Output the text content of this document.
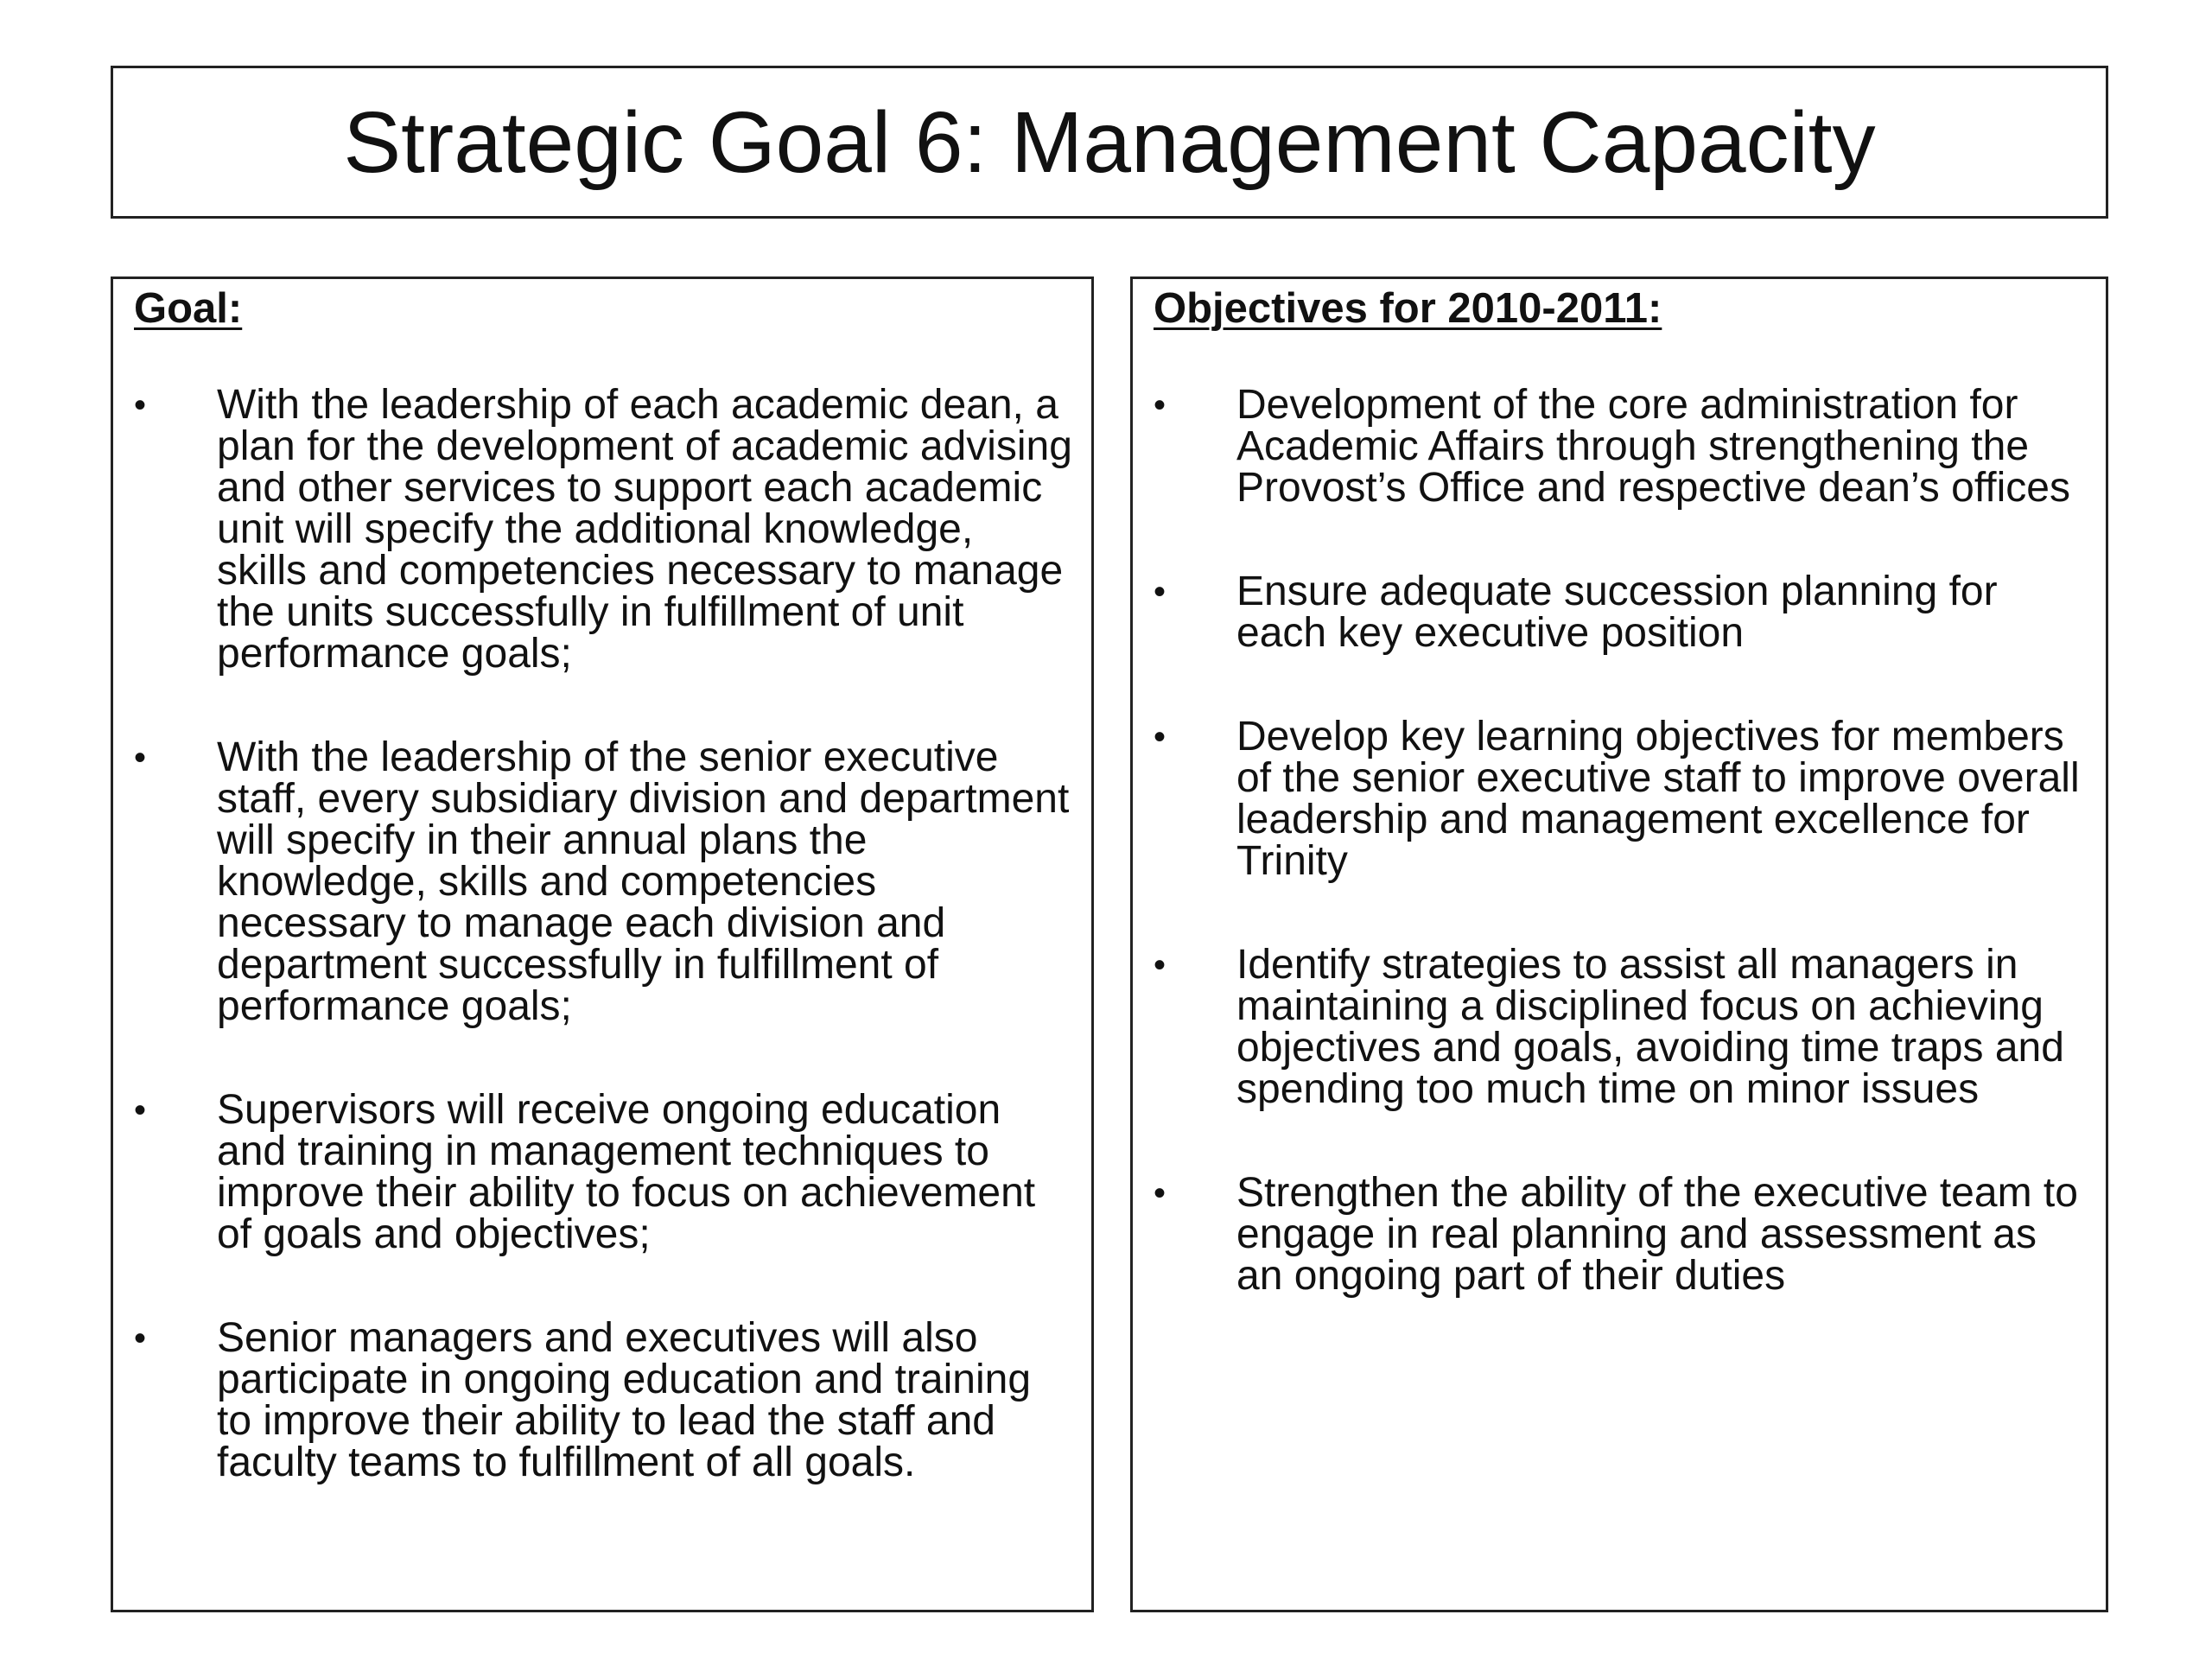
Strategic Goal 6: Management Capacity
Goal:
• With the leadership of each academic dean, a plan for the development of academic advising and other services to support each academic unit will specify the additional knowledge, skills and competencies necessary to manage the units successfully in fulfillment of unit performance goals;
• With the leadership of the senior executive staff, every subsidiary division and department will specify in their annual plans the knowledge, skills and competencies necessary to manage each division and department successfully in fulfillment of performance goals;
• Supervisors will receive ongoing education and training in management techniques to improve their ability to focus on achievement of goals and objectives;
• Senior managers and executives will also participate in ongoing education and training to improve their ability to lead the staff and faculty teams to fulfillment of all goals.
Objectives for 2010-2011:
• Development of the core administration for Academic Affairs through strengthening the Provost’s Office and respective dean’s offices
• Ensure adequate succession planning for each key executive position
• Develop key learning objectives for members of the senior executive staff to improve overall leadership and management excellence for Trinity
• Identify strategies to assist all managers in maintaining a disciplined focus on achieving objectives and goals, avoiding time traps and spending too much time on minor issues
• Strengthen the ability of the executive team to engage in real planning and assessment as an ongoing part of their duties
